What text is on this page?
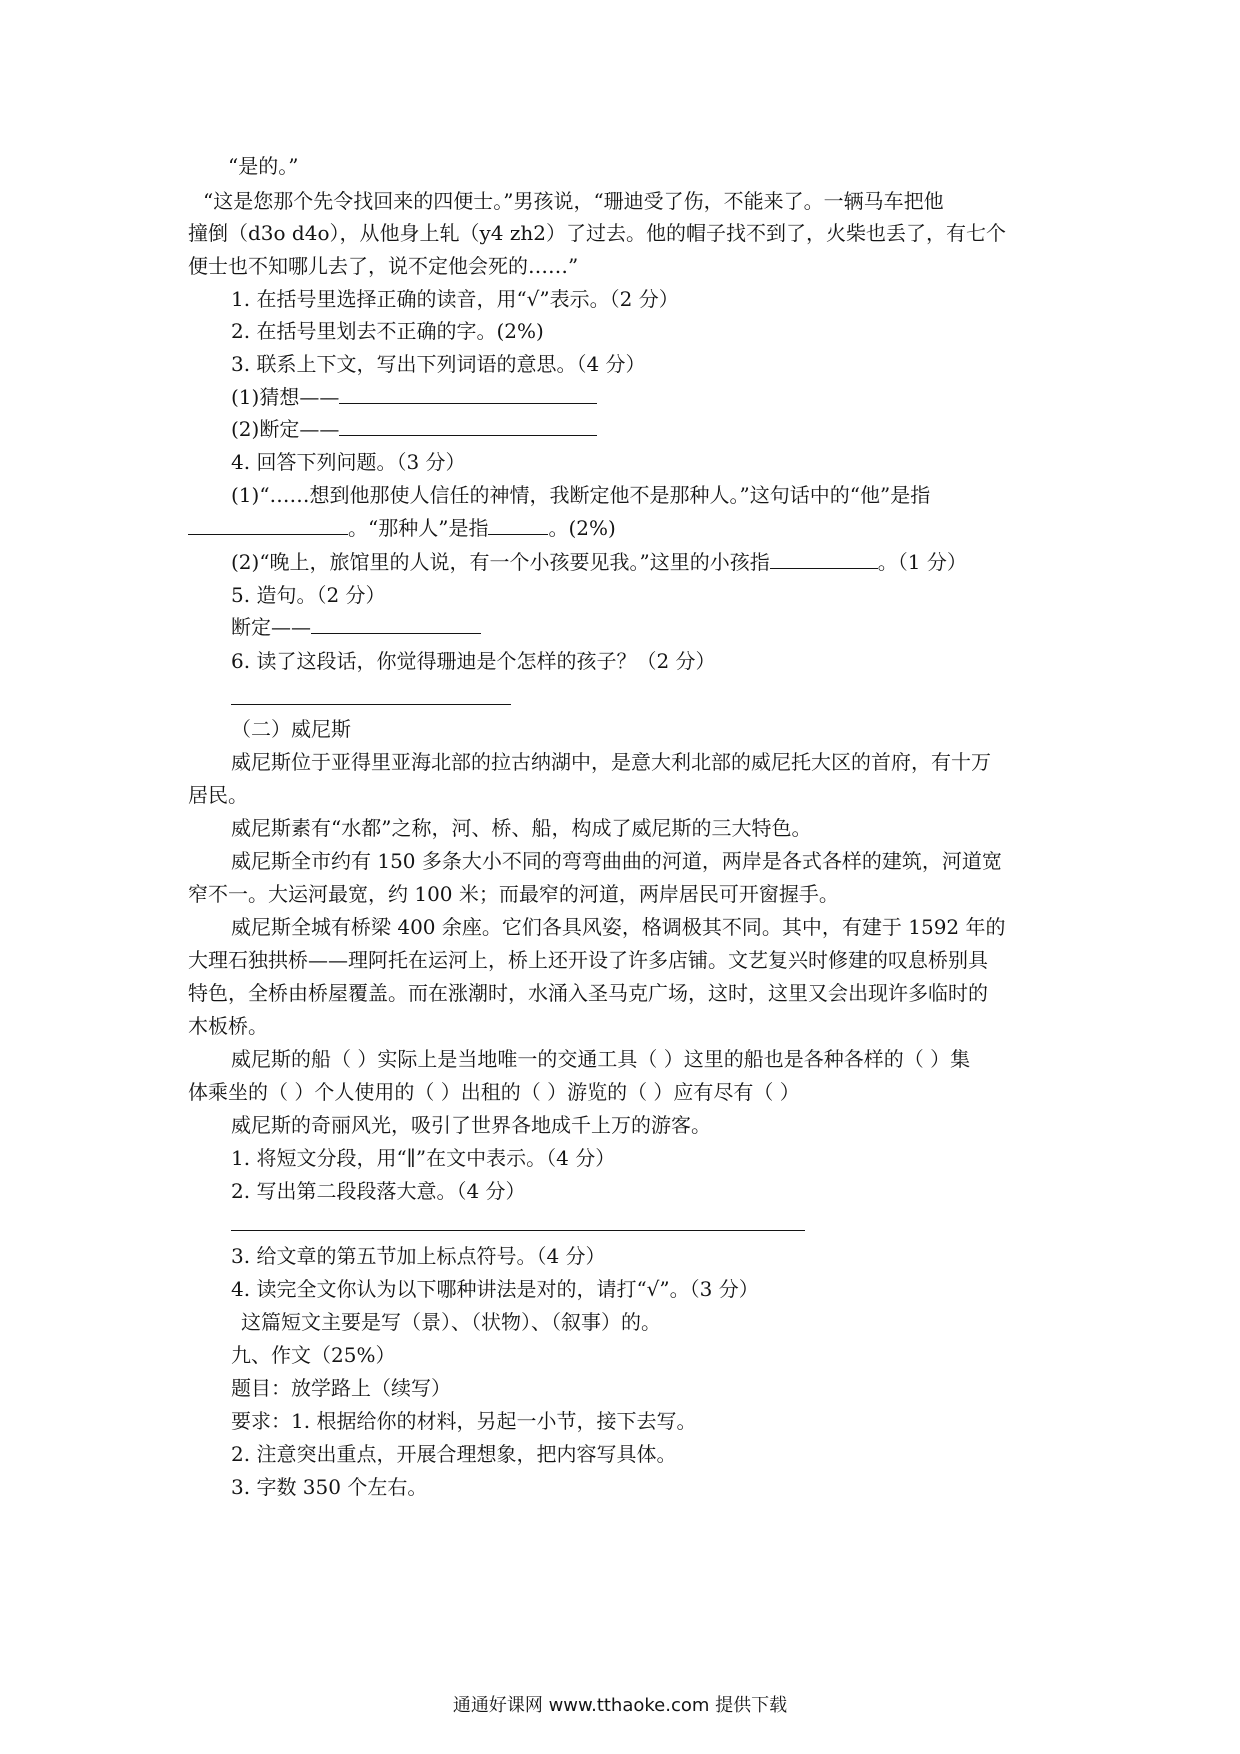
“是的。”

“这是您那个先令找回来的四便士。”男孩说，“珊迪受了伤，不能来了。一辆马车把他

撞倒（d3o d4o），从他身上轧（y4 zh2）了过去。他的帽子找不到了，火柴也丢了，有七个

便士也不知哪儿去了，说不定他会死的……”

1. 在括号里选择正确的读音，用“√”表示。（2 分）

2. 在括号里划去不正确的字。(2%)

3. 联系上下文，写出下列词语的意思。（4 分）

(1)猜想——

(2)断定——

4. 回答下列问题。（3 分）

(1)“……想到他那使人信任的神情，我断定他不是那种人。”这句话中的“他”是指

。“那种人”是指	。(2%)

(2)“晚上，旅馆里的人说，有一个小孩要见我。”这里的小孩指	。（1 分）

5. 造句。（2 分）

断定——

6. 读了这段话，你觉得珊迪是个怎样的孩子？（2 分）

（二）威尼斯

威尼斯位于亚得里亚海北部的拉古纳湖中，是意大利北部的威尼托大区的首府，有十万

居民。

威尼斯素有“水都”之称，河、桥、船，构成了威尼斯的三大特色。

威尼斯全市约有 150 多条大小不同的弯弯曲曲的河道，两岸是各式各样的建筑，河道宽

窄不一。大运河最宽，约 100 米；而最窄的河道，两岸居民可开窗握手。

威尼斯全城有桥梁 400 余座。它们各具风姿，格调极其不同。其中，有建于 1592 年的

大理石独拱桥——理阿托在运河上，桥上还开设了许多店铺。文艺复兴时修建的叹息桥别具

特色，全桥由桥屋覆盖。而在涨潮时，水涌入圣马克广场，这时，这里又会出现许多临时的

木板桥。

威尼斯的船（ ）实际上是当地唯一的交通工具（ ）这里的船也是各种各样的（ ）集

体乘坐的（ ）个人使用的（ ）出租的（ ）游览的（ ）应有尽有（ ）

威尼斯的奇丽风光，吸引了世界各地成千上万的游客。

1. 将短文分段，用“∥”在文中表示。（4 分）

2. 写出第二段段落大意。（4 分）

3. 给文章的第五节加上标点符号。（4 分）

4. 读完全文你认为以下哪种讲法是对的，请打“√”。（3 分）

这篇短文主要是写（景）、（状物）、（叙事）的。

九、作文（25%）

题目：放学路上（续写）

要求：1. 根据给你的材料，另起一小节，接下去写。

2. 注意突出重点，开展合理想象，把内容写具体。

3. 字数 350 个左右。

通通好课网 www.tthaoke.com 提供下载
